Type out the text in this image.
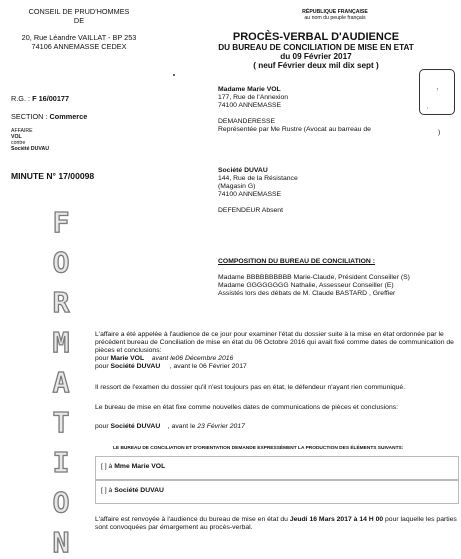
CONSEIL DE PRUD'HOMMES
DE
20, Rue Léandre VAILLAT - BP 253
74106 ANNEMASSE CEDEX
RÉPUBLIQUE FRANÇAISE
au nom du peuple français
PROCÈS-VERBAL D'AUDIENCE
DU BUREAU DE CONCILIATION DE MISE EN ETAT
du 09 Février 2017
( neuf Février deux mil dix sept )
↑
,
R.G. : F 16/00177
SECTION : Commerce
AFFAIRE
VOL
contre
Société DUVAU
MINUTE N° 17/00098
Madame Marie VOL
177, Rue de l'Annexion
74100 ANNEMASSE
DEMANDERESSE
Représentée par Me Rustre (Avocat au barreau de	)
Société DUVAU
144, Rue de la Résistance
(Magasin G)
74100 ANNEMASSE
DEFENDEUR Absent
COMPOSITION DU BUREAU DE CONCILIATION :
Madame BBBBBBBBBB Marie-Claude, Président Conseiller (S)
Madame GGGGGGGG Nathalie, Assesseur Conseiller (E)
Assistés lors des débats de M. Claude BASTARD , Greffier
F
O
R
M
A
T
I
O
N
L'affaire a été appelée à l'audience de ce jour pour examiner l'état du dossier suite à la mise en état ordonnée par le précédent bureau de Conciliation de mise en état du 06 Octobre 2016 qui avait fixé comme dates de communication de pièces et conclusions:
pour Marie VOL avant le06 Décembre 2016
pour Société DUVAU , avant le 06 Février 2017
Il ressort de l'examen du dossier qu'il n'est toujours pas en état, le défendeur n'ayant rien communiqué.
Le bureau de mise en état fixe comme nouvelles dates de communications de pièces et conclusions:
pour Société DUVAU , avant le 23 Février 2017
LE BUREAU DE CONCILIATION ET D'ORIENTATION DEMANDE EXPRESSÉMENT LA PRODUCTION DES ÉLÉMENTS SUIVANTS:
[ ] à Mme Marie VOL
[ ] à Société DUVAU
L'affaire est renvoyée à l'audience du bureau de mise en état du Jeudi 16 Mars 2017 à 14 H 00 pour laquelle les parties sont convoquées par émargement au procès-verbal.
